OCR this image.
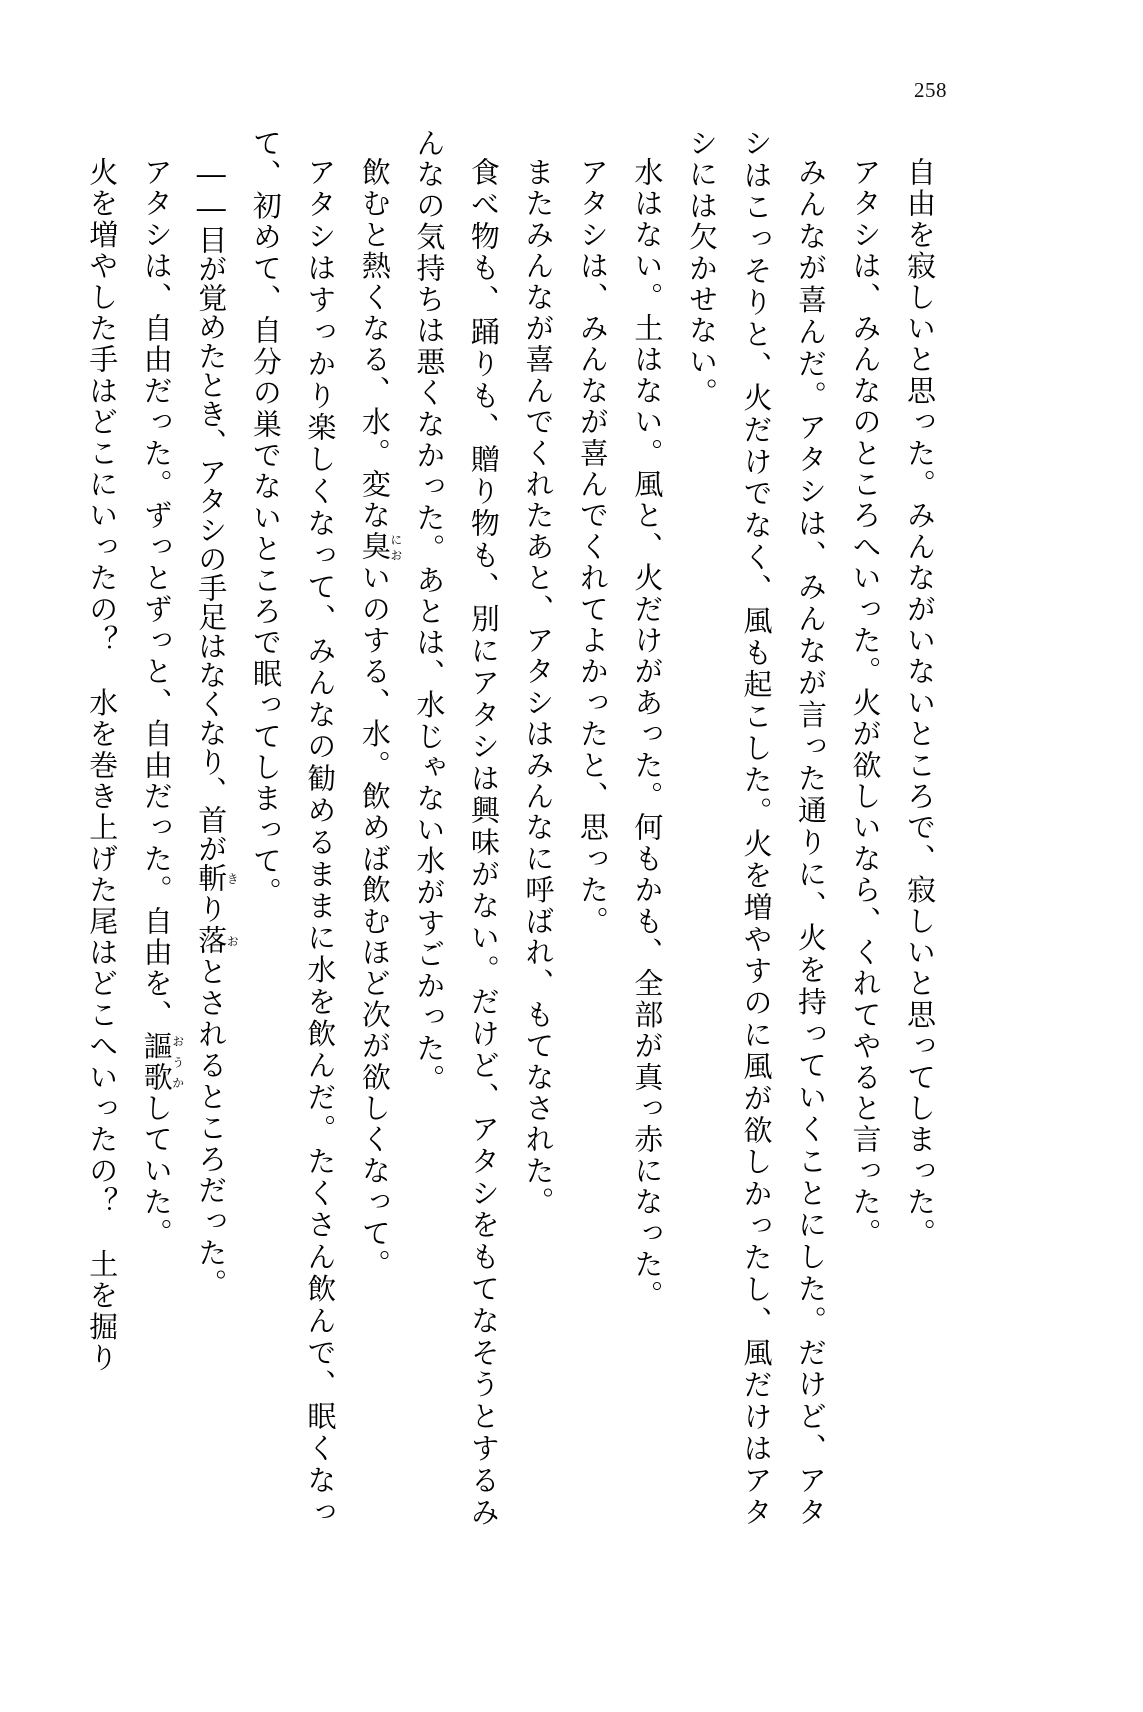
258

自由を寂しいと思った。みんながいないところで、寂しいと思ってしまった。

アタシは、みんなのところへいった。火が欲しいなら、くれてやると言った。

みんなが喜んだ。アタシは、みんなが言った通りに、火を持っていくことにした。だけど、アタシはこっそりと、火だけでなく、風も起こした。火を増やすのに風が欲しかったし、風だけはアタシには欠かせない。

水はない。土はない。風と、火だけがあった。何もかも、全部が真っ赤になった。

アタシは、みんなが喜んでくれてよかったと、思った。

またみんなが喜んでくれたあと、アタシはみんなに呼ばれ、もてなされた。

食べ物も、踊りも、贈り物も、別にアタシは興味がない。だけど、アタシをもてなそうとするみんなの気持ちは悪くなかった。あとは、水じゃない水がすごかった。

飲むと熱くなる、水。変な臭においのする、水。飲めば飲むほど次が欲しくなって。

アタシはすっかり楽しくなって、みんなの勧めるままに水を飲んだ。たくさん飲んで、眠くなって、初めて、自分の巣でないところで眠ってしまって。

――目が覚めたとき、アタシの手足はなくなり、首が斬きり落おとされるところだった。

アタシは、自由だった。ずっとずっと、自由だった。自由を、謳歌おうかしていた。

火を増やした手はどこにいったの？　水を巻き上げた尾はどこへいったの？　土を掘り
